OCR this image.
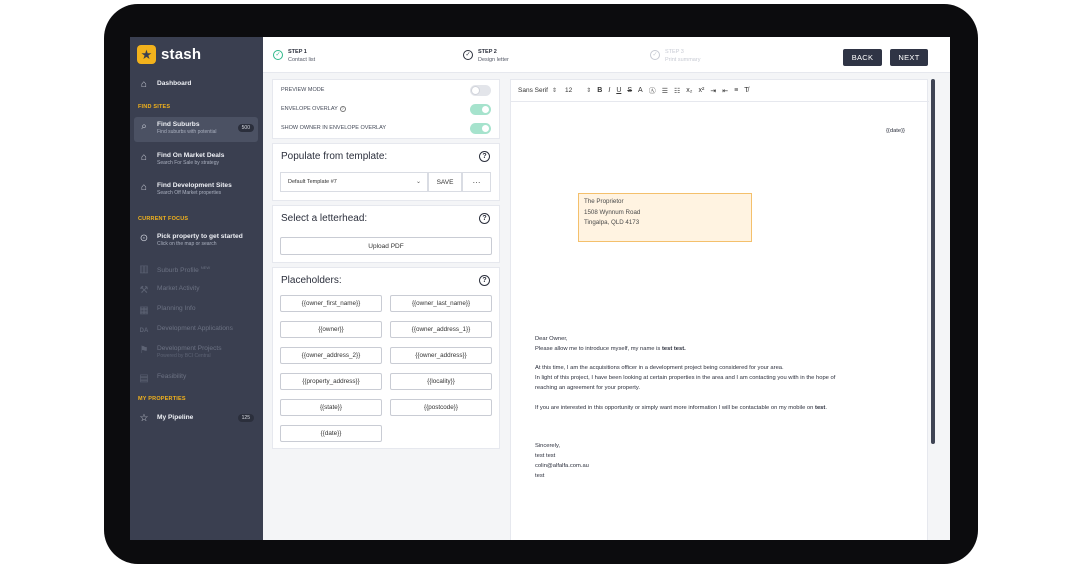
★ stash
⌂	Dashboard
FIND SITES
⌕	Find Suburbs
Find suburbs with potential
500
⌂	Find On Market Deals
Search For Sale by strategy
⌂	Find Development Sites
Search Off Market properties
CURRENT FOCUS
⊙ Pick property to get started
Click on the map or search
▥ Suburb Profile $^{NEW}$
⚒ Market Activity
▦ Planning Info
DA Development Applications
⚑ Development Projects
Powered by BCI Central
▤ Feasibility
MY PROPERTIES
☆ My Pipeline	125
✓	STEP 1
Contact list
✓	STEP 2
Design letter
✓	STEP 3
Print summary	BACK	NEXT
PREVIEW MODE
ENVELOPE OVERLAY ?
SHOW OWNER IN ENVELOPE OVERLAY
Populate from template:	?
Default Template #7	⌄	SAVE	···
Select a letterhead:	?
Upload PDF
Placeholders:	?
{{owner_first_name}}	{{owner_last_name}}
{{owner}}	{{owner_address_1}}
{{owner_address_2}}	{{owner_address}}
{{property_address}}	{{locality}}
{{state}}	{{postcode}}
{{date}}
Sans Serif ⇕ 12 ⇕ B I U S A Ⓐ ☰ ☷ x₂ x² ⇥ ⇤ ≡ T̸
{{date}}
The Proprietor
1508 Wynnum Road
Tingalpa, QLD 4173
Dear Owner,
Please allow me to introduce myself, my name is test test.
At this time, I am the acquisitions officer in a development project being considered for your area.
In light of this project, I have been looking at certain properties in the area and I am contacting you with in the hope of
reaching an agreement for your property.
If you are interested in this opportunity or simply want more information I will be contactable on my mobile on test.
Sincerely,
test test
colin@alfalfa.com.au
test
